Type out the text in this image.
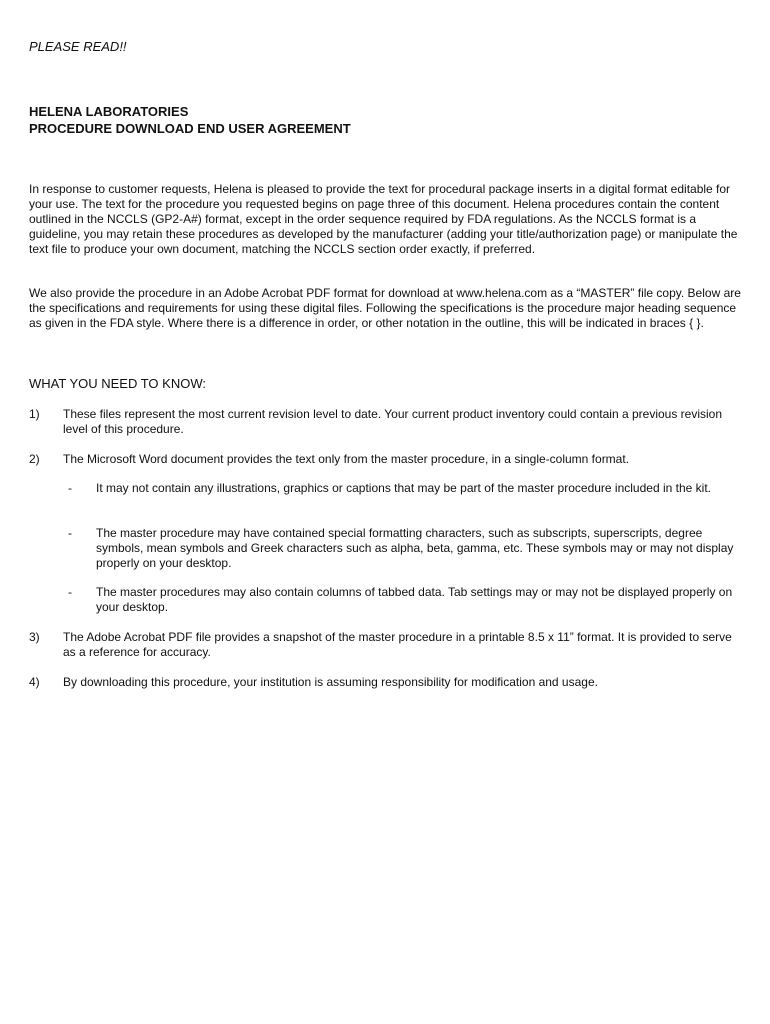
PLEASE READ!!
HELENA LABORATORIES
PROCEDURE DOWNLOAD END USER AGREEMENT
In response to customer requests, Helena is pleased to provide the text for procedural package inserts in a digital format editable for your use. The text for the procedure you requested begins on page three of this document. Helena procedures contain the content outlined in the NCCLS (GP2-A#) format, except in the order sequence required by FDA regulations. As the NCCLS format is a guideline, you may retain these procedures as developed by the manufacturer (adding your title/authorization page) or manipulate the text file to produce your own document, matching the NCCLS section order exactly, if preferred.
We also provide the procedure in an Adobe Acrobat PDF format for download at www.helena.com as a “MASTER” file copy. Below are the specifications and requirements for using these digital files. Following the specifications is the procedure major heading sequence as given in the FDA style. Where there is a difference in order, or other notation in the outline, this will be indicated in braces { }.
WHAT YOU NEED TO KNOW:
1) These files represent the most current revision level to date. Your current product inventory could contain a previous revision level of this procedure.
2) The Microsoft Word document provides the text only from the master procedure, in a single-column format.
- It may not contain any illustrations, graphics or captions that may be part of the master procedure included in the kit.
- The master procedure may have contained special formatting characters, such as subscripts, superscripts, degree symbols, mean symbols and Greek characters such as alpha, beta, gamma, etc. These symbols may or may not display properly on your desktop.
- The master procedures may also contain columns of tabbed data. Tab settings may or may not be displayed properly on your desktop.
3) The Adobe Acrobat PDF file provides a snapshot of the master procedure in a printable 8.5 x 11” format. It is provided to serve as a reference for accuracy.
4) By downloading this procedure, your institution is assuming responsibility for modification and usage.
